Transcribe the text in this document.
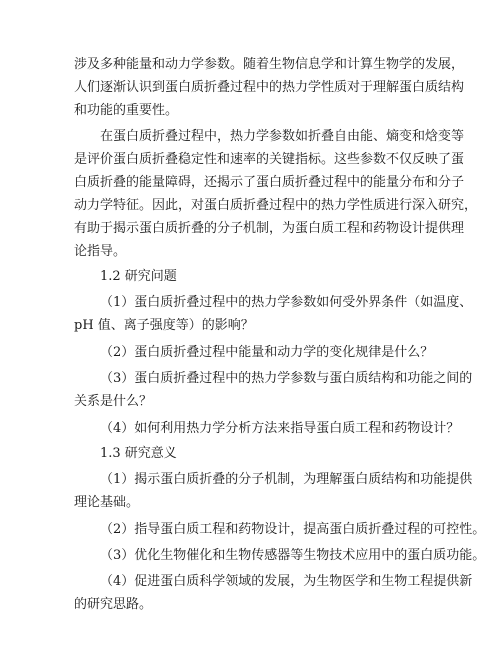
涉及多种能量和动力学参数。随着生物信息学和计算生物学的发展，
人们逐渐认识到蛋白质折叠过程中的热力学性质对于理解蛋白质结构
和功能的重要性。
在蛋白质折叠过程中，热力学参数如折叠自由能、熵变和焓变等
是评价蛋白质折叠稳定性和速率的关键指标。这些参数不仅反映了蛋
白质折叠的能量障碍，还揭示了蛋白质折叠过程中的能量分布和分子
动力学特征。因此，对蛋白质折叠过程中的热力学性质进行深入研究，
有助于揭示蛋白质折叠的分子机制，为蛋白质工程和药物设计提供理
论指导。
1.2 研究问题
（1）蛋白质折叠过程中的热力学参数如何受外界条件（如温度、
pH 值、离子强度等）的影响？
（2）蛋白质折叠过程中能量和动力学的变化规律是什么？
（3）蛋白质折叠过程中的热力学参数与蛋白质结构和功能之间的
关系是什么？
（4）如何利用热力学分析方法来指导蛋白质工程和药物设计？
1.3 研究意义
（1）揭示蛋白质折叠的分子机制，为理解蛋白质结构和功能提供
理论基础。
（2）指导蛋白质工程和药物设计，提高蛋白质折叠过程的可控性。
（3）优化生物催化和生物传感器等生物技术应用中的蛋白质功能。
（4）促进蛋白质科学领域的发展，为生物医学和生物工程提供新
的研究思路。
